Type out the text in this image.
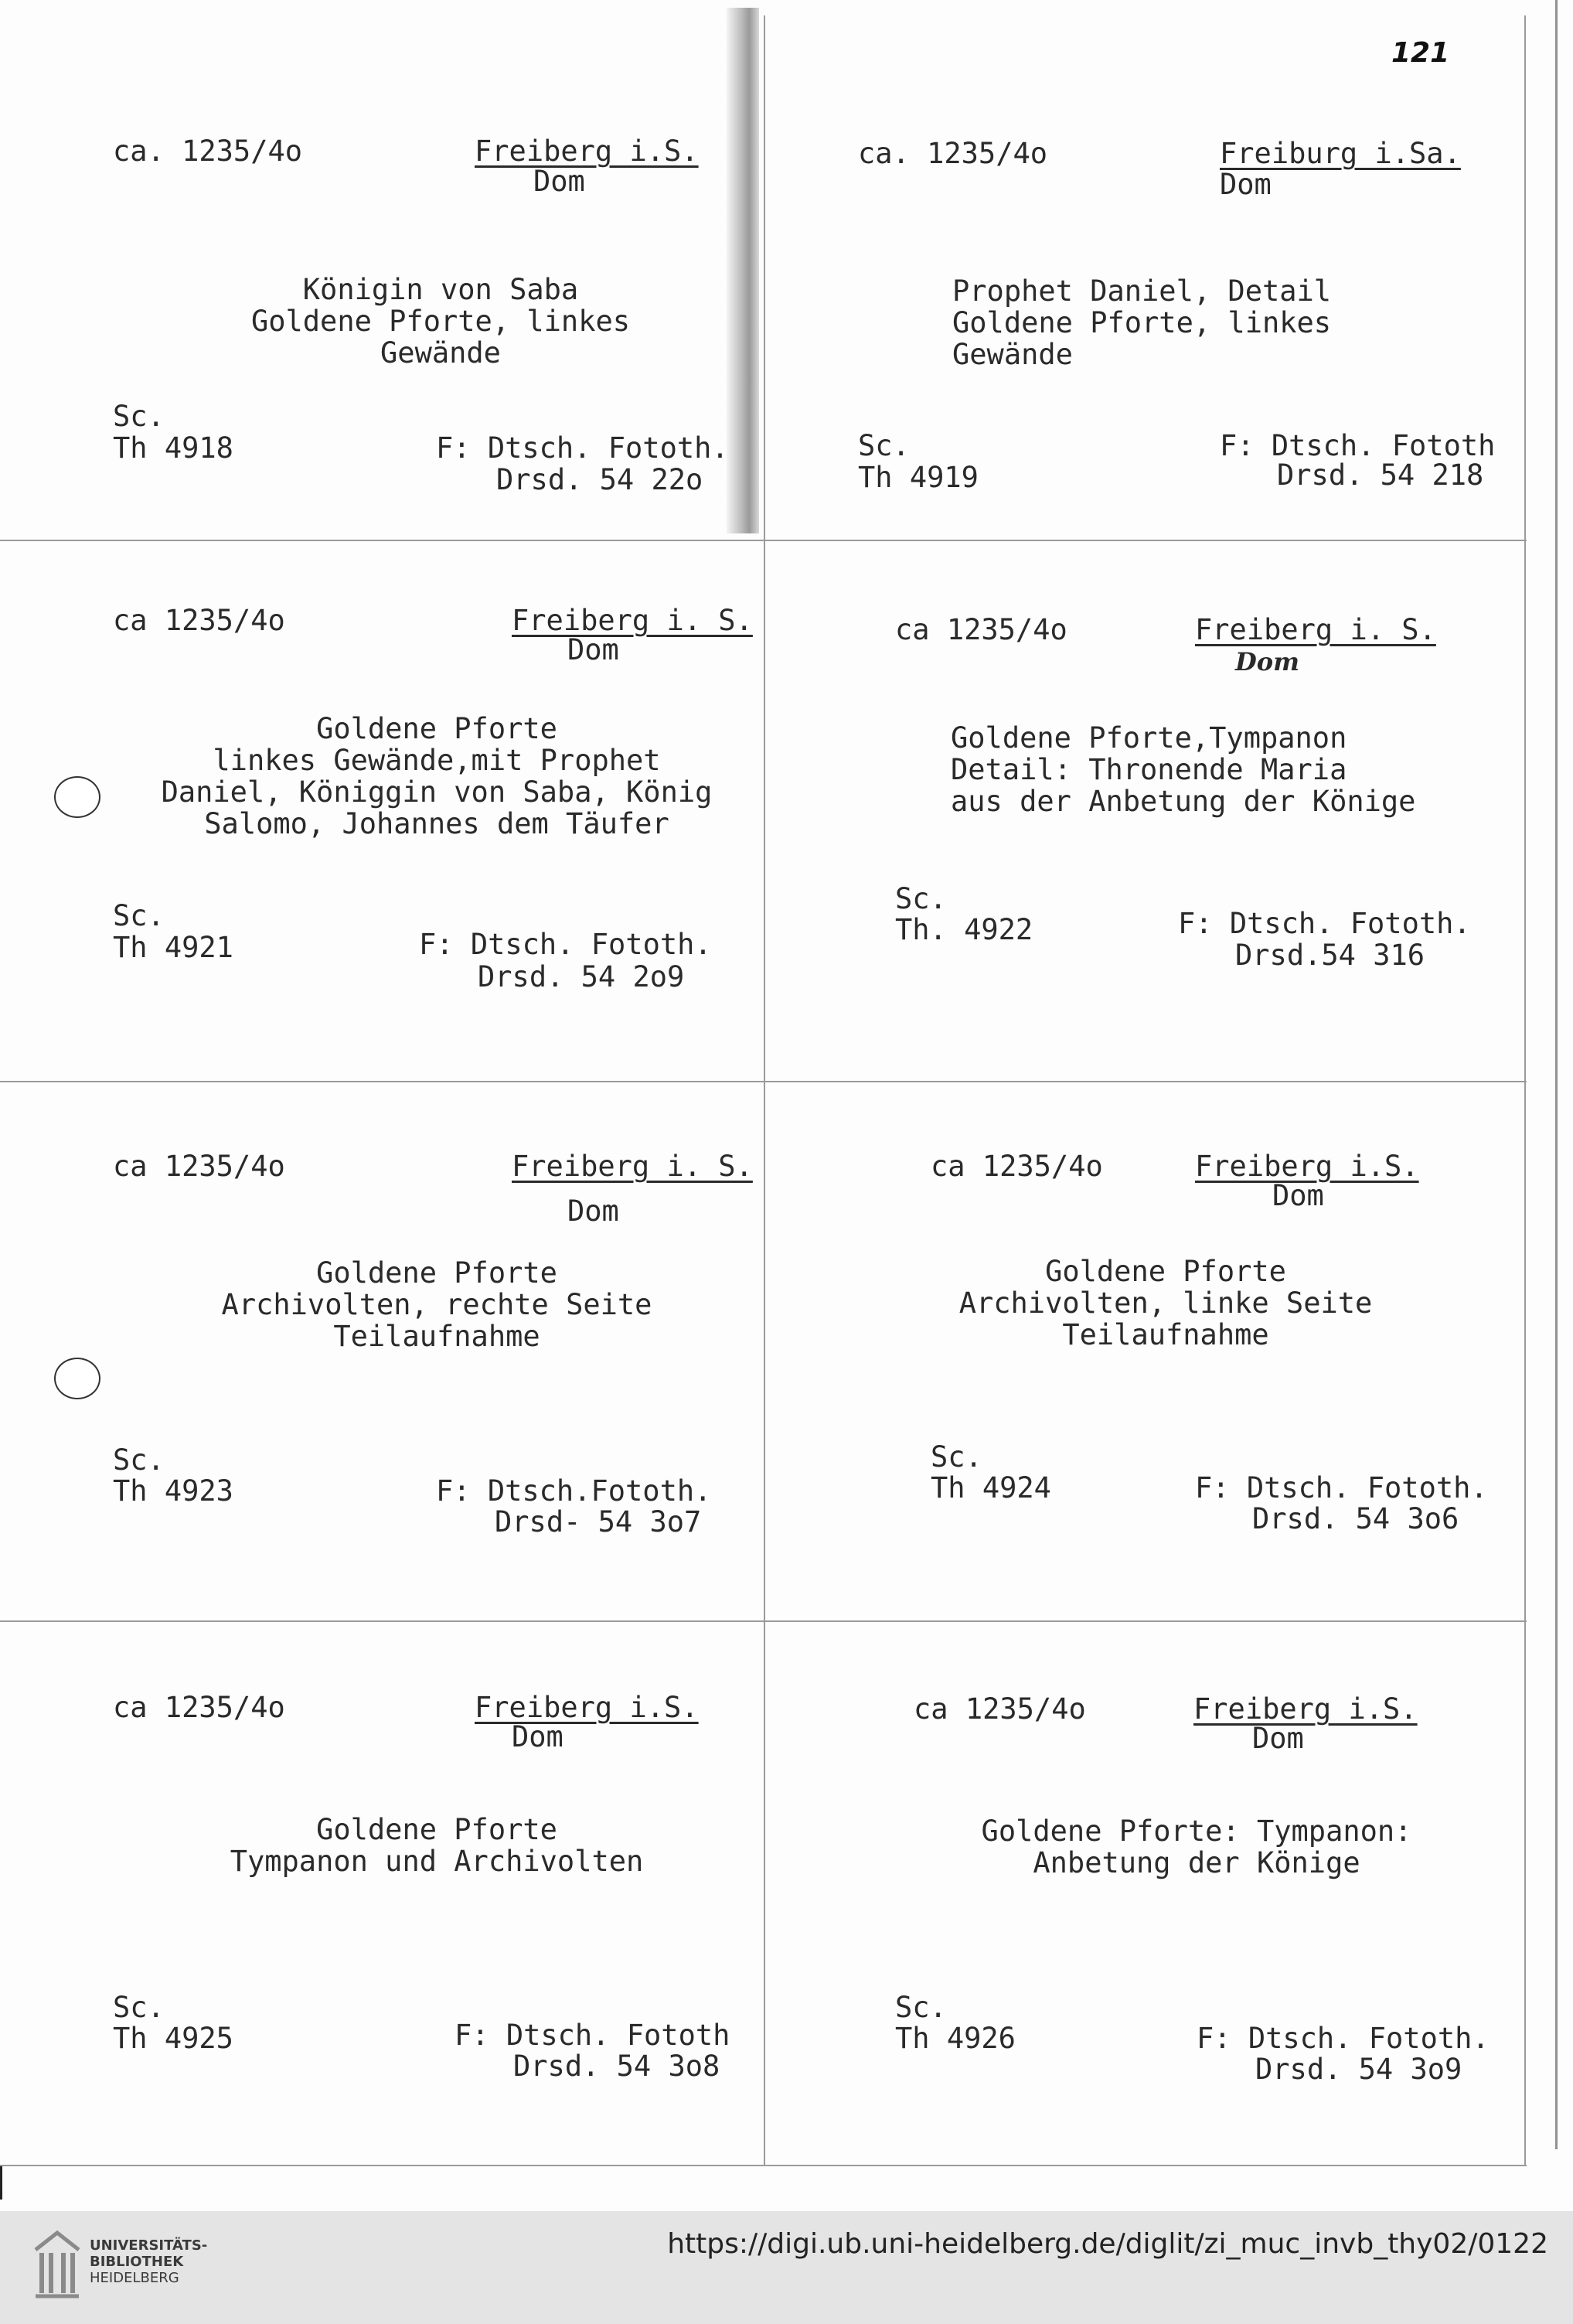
121
ca. 1235/4o	Freiberg i.S.
Dom
Königin von Saba
Goldene Pforte, linkes
Gewände
Sc.
Th 4918	F: Dtsch. Fototh.
Drsd. 54 22o
ca. 1235/4o	Freiburg i.Sa.
Dom
Prophet Daniel, Detail
Goldene Pforte, linkes
Gewände
Sc.
Th 4919
F: Dtsch. Fototh
Drsd. 54 218
ca 1235/4o	Freiberg i. S.
Dom
Goldene Pforte
linkes Gewände,mit Prophet
Daniel, Königgin von Saba, König
Salomo, Johannes dem Täufer
Sc.
Th 4921	F: Dtsch. Fototh.
Drsd. 54 2o9
ca 1235/4o	Freiberg i. S.
Dom
Goldene Pforte,Tympanon
Detail: Thronende Maria
aus der Anbetung der Könige
Sc.
Th. 4922	F: Dtsch. Fototh.
Drsd.54 316
ca 1235/4o	Freiberg i. S.
Dom
Goldene Pforte
Archivolten, rechte Seite
Teilaufnahme
Sc.
Th 4923	F: Dtsch.Fototh.
Drsd- 54 3o7
ca 1235/4o	Freiberg i.S.
Dom
Goldene Pforte
Archivolten, linke Seite
Teilaufnahme
Sc.
Th 4924	F: Dtsch. Fototh.
Drsd. 54 3o6
ca 1235/4o	Freiberg i.S.
Dom
Goldene Pforte
Tympanon und Archivolten
Sc.
Th 4925	F: Dtsch. Fototh
Drsd. 54 3o8
ca 1235/4o	Freiberg i.S.
Dom
Goldene Pforte: Tympanon:
Anbetung der Könige
Sc.
Th 4926	F: Dtsch. Fototh.
Drsd. 54 3o9
UNIVERSITÄTS-
BIBLIOTHEK
HEIDELBERG
https://digi.ub.uni-heidelberg.de/diglit/zi_muc_invb_thy02/0122
